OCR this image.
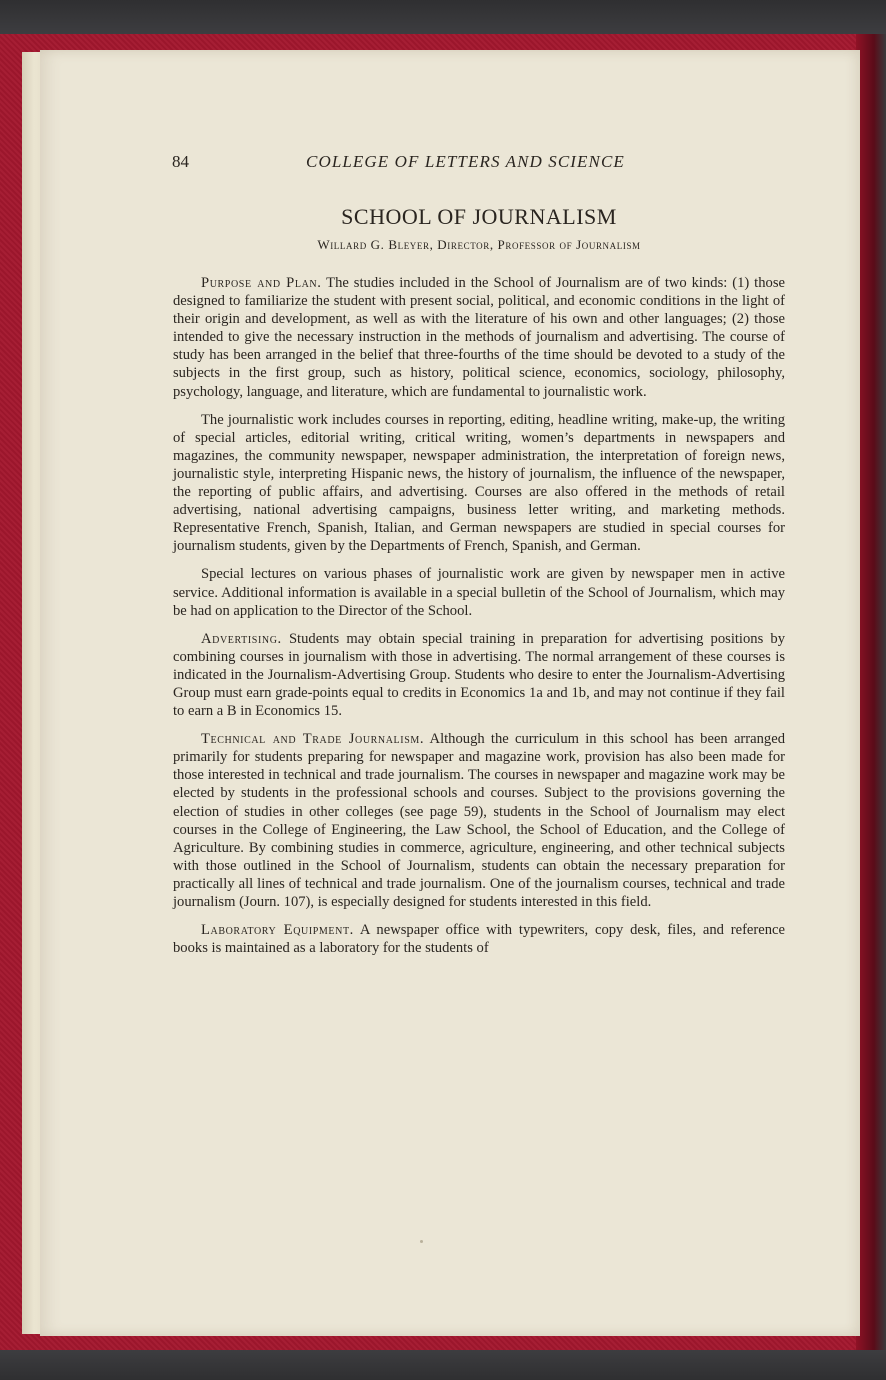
84	COLLEGE OF LETTERS AND SCIENCE
SCHOOL OF JOURNALISM
Willard G. Bleyer, Director, Professor of Journalism

Purpose and Plan. The studies included in the School of Journalism are of two kinds: (1) those designed to familiarize the student with present social, political, and economic conditions in the light of their origin and development, as well as with the literature of his own and other languages; (2) those intended to give the necessary instruction in the methods of journalism and advertising. The course of study has been arranged in the belief that three-fourths of the time should be devoted to a study of the subjects in the first group, such as history, political science, economics, sociology, philosophy, psychology, language, and literature, which are fundamental to journalistic work.

The journalistic work includes courses in reporting, editing, headline writing, make-up, the writing of special articles, editorial writing, critical writing, women’s departments in newspapers and magazines, the community newspaper, newspaper administration, the interpretation of foreign news, journalistic style, interpreting Hispanic news, the history of journalism, the influence of the newspaper, the reporting of public affairs, and advertising. Courses are also offered in the methods of retail advertising, national advertising campaigns, business letter writing, and marketing methods. Representative French, Spanish, Italian, and German newspapers are studied in special courses for journalism students, given by the Departments of French, Spanish, and German.

Special lectures on various phases of journalistic work are given by newspaper men in active service. Additional information is available in a special bulletin of the School of Journalism, which may be had on application to the Director of the School.

Advertising. Students may obtain special training in preparation for advertising positions by combining courses in journalism with those in advertising. The normal arrangement of these courses is indicated in the Journalism-Advertising Group. Students who desire to enter the Journalism-Advertising Group must earn grade-points equal to credits in Economics 1a and 1b, and may not continue if they fail to earn a B in Economics 15.

Technical and Trade Journalism. Although the curriculum in this school has been arranged primarily for students preparing for newspaper and magazine work, provision has also been made for those interested in technical and trade journalism. The courses in newspaper and magazine work may be elected by students in the professional schools and courses. Subject to the provisions governing the election of studies in other colleges (see page 59), students in the School of Journalism may elect courses in the College of Engineering, the Law School, the School of Education, and the College of Agriculture. By combining studies in commerce, agriculture, engineering, and other technical subjects with those outlined in the School of Journalism, students can obtain the necessary preparation for practically all lines of technical and trade journalism. One of the journalism courses, technical and trade journalism (Journ. 107), is especially designed for students interested in this field.

Laboratory Equipment. A newspaper office with typewriters, copy desk, files, and reference books is maintained as a laboratory for the students of
